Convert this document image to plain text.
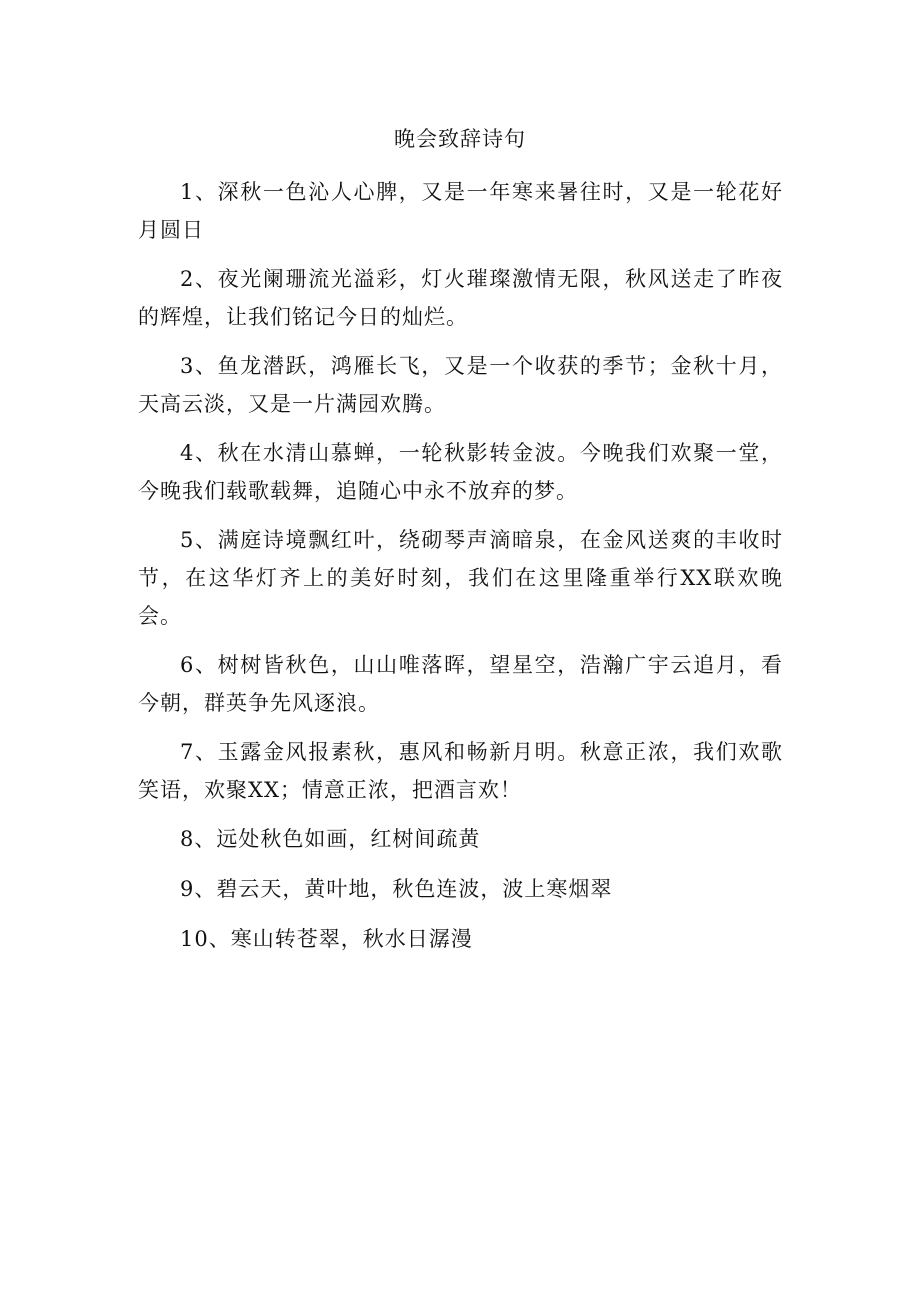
晚会致辞诗句

1、深秋一色沁人心脾，又是一年寒来暑往时，又是一轮花好月圆日

2、夜光阑珊流光溢彩，灯火璀璨激情无限，秋风送走了昨夜的辉煌，让我们铭记今日的灿烂。

3、鱼龙潜跃，鸿雁长飞，又是一个收获的季节；金秋十月，天高云淡，又是一片满园欢腾。

4、秋在水清山慕蝉，一轮秋影转金波。今晚我们欢聚一堂，今晚我们载歌载舞，追随心中永不放弃的梦。

5、满庭诗境飘红叶，绕砌琴声滴暗泉，在金风送爽的丰收时节，在这华灯齐上的美好时刻，我们在这里隆重举行XX联欢晚会。

6、树树皆秋色，山山唯落晖，望星空，浩瀚广宇云追月，看今朝，群英争先风逐浪。

7、玉露金风报素秋，惠风和畅新月明。秋意正浓，我们欢歌笑语，欢聚XX；情意正浓，把酒言欢！

8、远处秋色如画，红树间疏黄

9、碧云天，黄叶地，秋色连波，波上寒烟翠

10、寒山转苍翠，秋水日潺漫
